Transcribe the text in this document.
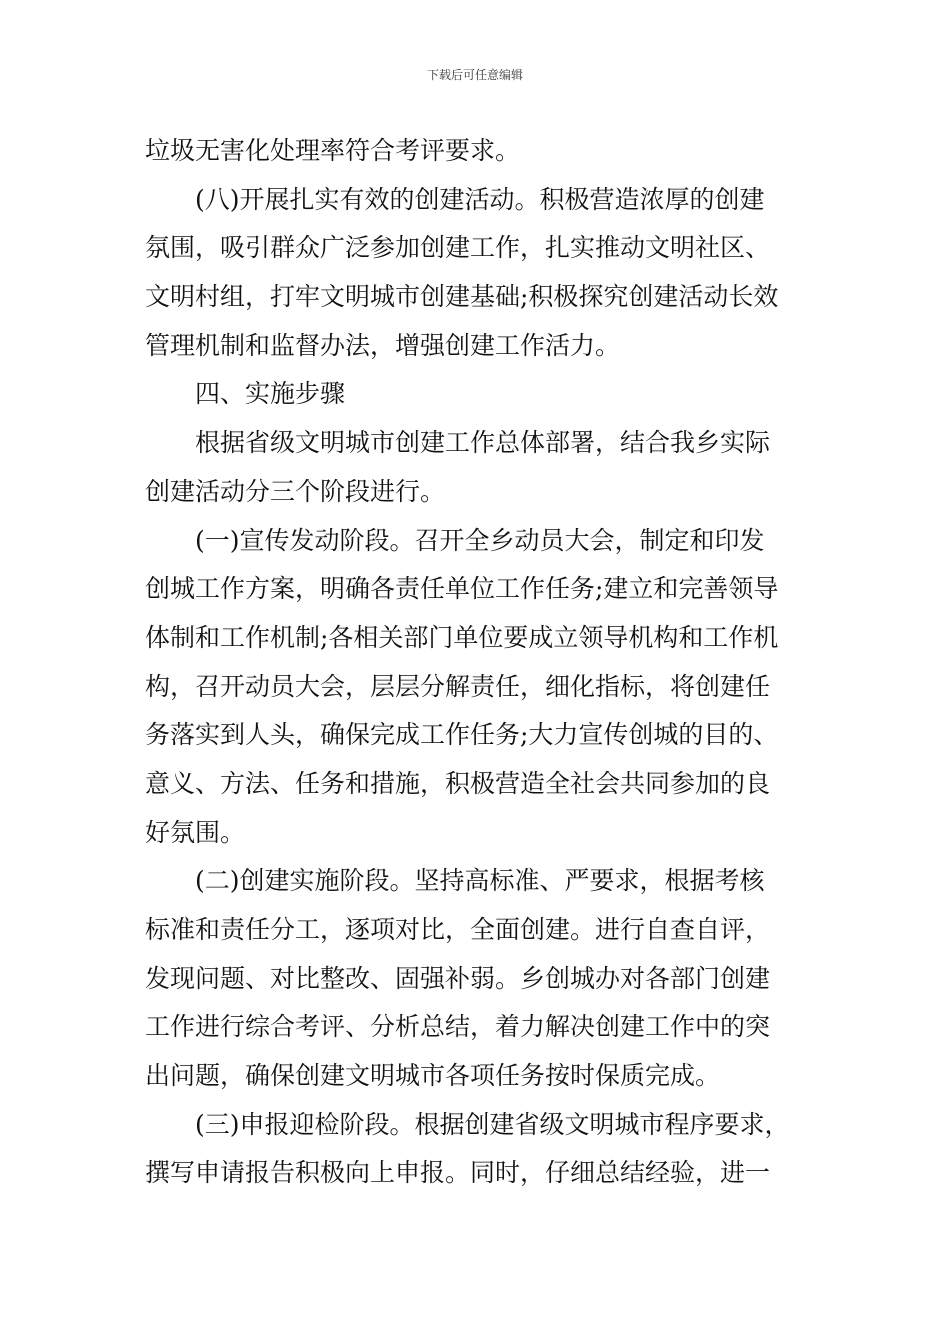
下载后可任意编辑
垃圾无害化处理率符合考评要求。
(八)开展扎实有效的创建活动。积极营造浓厚的创建
氛围，吸引群众广泛参加创建工作，扎实推动文明社区、
文明村组，打牢文明城市创建基础;积极探究创建活动长效
管理机制和监督办法，增强创建工作活力。
四、实施步骤
根据省级文明城市创建工作总体部署，结合我乡实际
创建活动分三个阶段进行。
(一)宣传发动阶段。召开全乡动员大会，制定和印发
创城工作方案，明确各责任单位工作任务;建立和完善领导
体制和工作机制;各相关部门单位要成立领导机构和工作机
构，召开动员大会，层层分解责任，细化指标，将创建任
务落实到人头，确保完成工作任务;大力宣传创城的目的、
意义、方法、任务和措施，积极营造全社会共同参加的良
好氛围。
(二)创建实施阶段。坚持高标准、严要求，根据考核
标准和责任分工，逐项对比，全面创建。进行自查自评，
发现问题、对比整改、固强补弱。乡创城办对各部门创建
工作进行综合考评、分析总结，着力解决创建工作中的突
出问题，确保创建文明城市各项任务按时保质完成。
(三)申报迎检阶段。根据创建省级文明城市程序要求，
撰写申请报告积极向上申报。同时，仔细总结经验，进一
